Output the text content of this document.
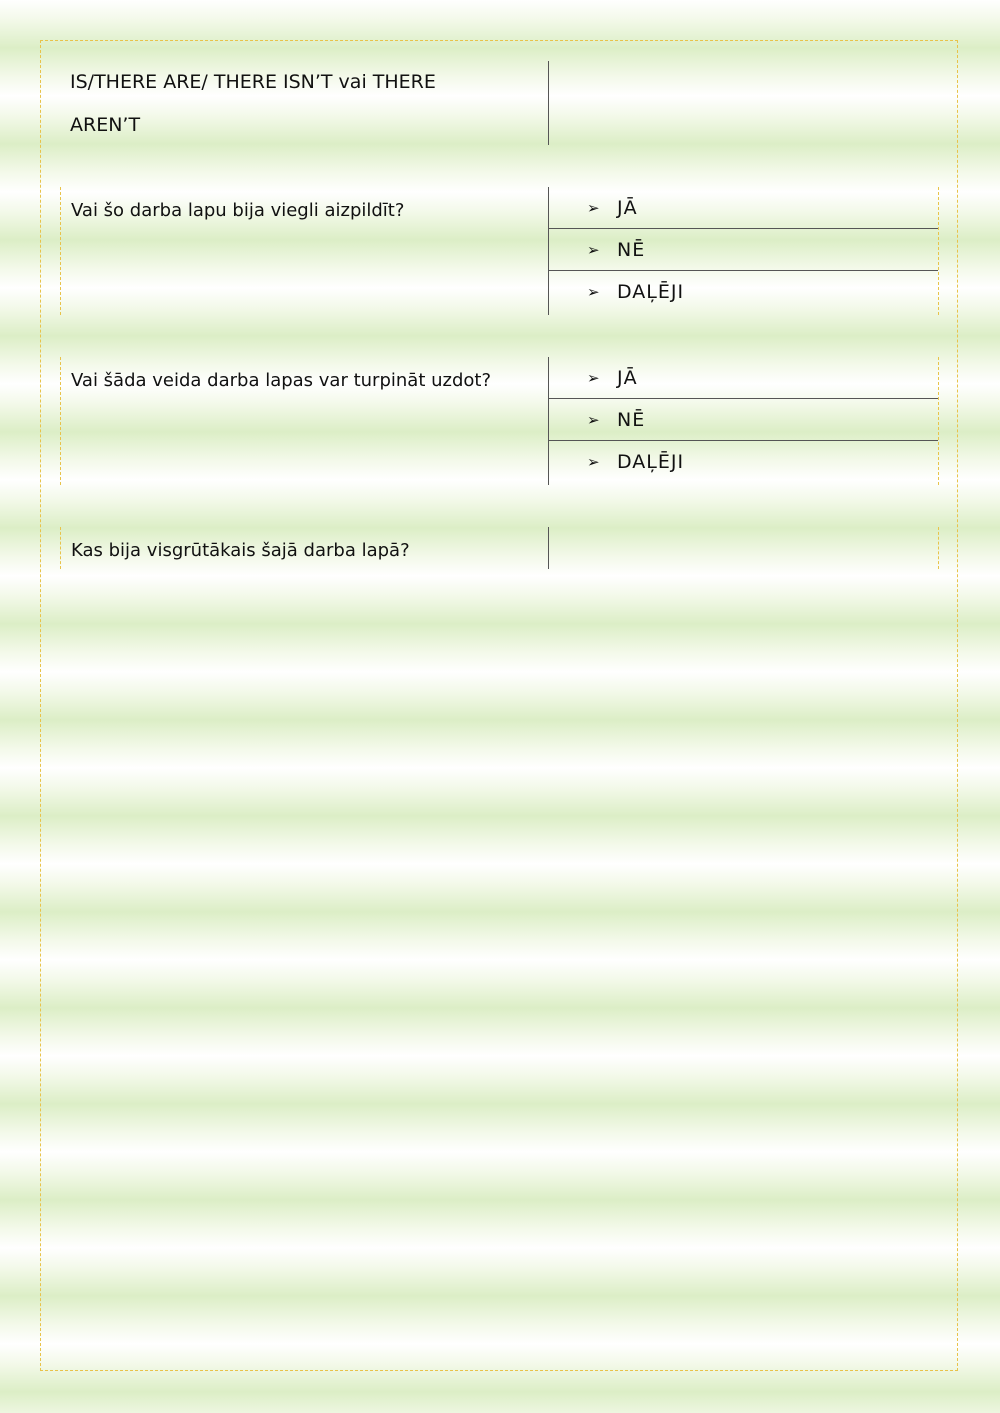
IS/THERE ARE/ THERE ISN’T vai THERE
AREN’T
Vai šo darba lapu bija viegli aizpildīt?	➢ JĀ
➢ NĒ
➢ DAĻĒJI
Vai šāda veida darba lapas var turpināt uzdot?	➢ JĀ
➢ NĒ
➢ DAĻĒJI
Kas bija visgrūtākais šajā darba lapā?
